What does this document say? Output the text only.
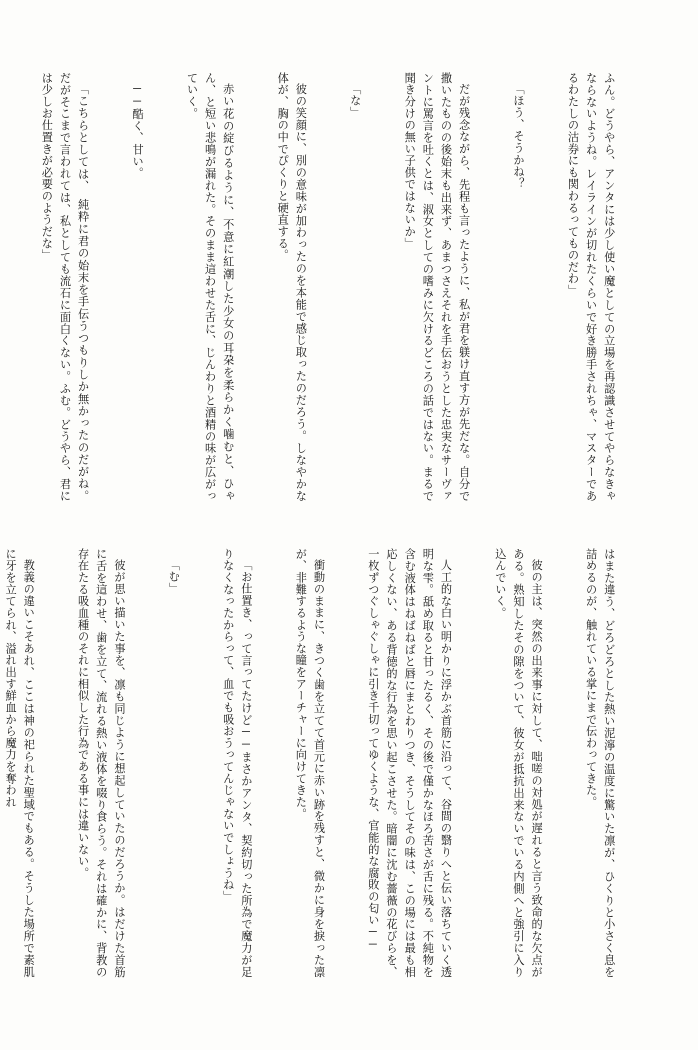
ふん。どうやら、アンタには少し使い魔としての立場を再認識させてやらなきゃならないようね。レイラインが切れたくらいで好き勝手されちゃ、マスターであるわたしの沽券にも関わるってものだわ」

「ほう、そうかね？

だが残念ながら、先程も言ったように、私が君を躾け直す方が先だな。自分で撒いたものの後始末も出来ず、あまつさえそれを手伝おうとした忠実なサーヴァントに罵言を吐くとは、淑女としての嗜みに欠けるどころの話ではない。まるで聞き分けの無い子供ではないか」

「な」

彼の笑顔に、別の意味が加わったのを本能で感じ取ったのだろう。しなやかな体が、胸の中でぴくりと硬直する。

赤い花の綻びるように、不意に紅潮した少女の耳朶を柔らかく噛むと、ひゃん、と短い悲鳴が漏れた。そのまま這わせた舌に、じんわりと酒精の味が広がっていく。

──酷く、甘い。

「こちらとしては、　純粋に君の始末を手伝うつもりしか無かったのだがね。だがそこまで言われては、私としても流石に面白くない。ふむ。どうやら、君には少しお仕置きが必要のようだな」

はまた違う、どろどろとした熱い泥濘の温度に驚いた凛が、ひくりと小さく息を詰めるのが、触れている掌にまで伝わってきた。

彼の主は、突然の出来事に対して、咄嗟の対処が遅れると言う致命的な欠点がある。熟知したその隙をついて、彼女が抵抗出来ないでいる内側へと強引に入り込んでいく。

人工的な白い明かりに浮かぶ首筋に沿って、谷間の翳りへと伝い落ちていく透明な雫。舐め取ると甘ったるく、その後で僅かなほろ苦さが舌に残る。不純物を含む液体はねばねばと唇にまとわりつき、そうしてその味は、この場には最も相応しくない、ある背徳的な行為を思い起こさせた。暗闇に沈む薔薇の花びらを、一枚ずつぐしゃぐしゃに引き千切ってゆくような、官能的な腐敗の匂い──

衝動のままに、きつく歯を立てて首元に赤い跡を残すと、微かに身を捩った凛が、非難するような瞳をアーチャーに向けてきた。

「お仕置き、って言ってたけど──まさかアンタ、契約切った所為で魔力が足りなくなったからって、血でも吸おうってんじゃないでしょうね」

「む」

彼が思い描いた事を、凛も同じように想起していたのだろうか。はだけた首筋に舌を這わせ、歯を立て、流れる熱い液体を啜り食らう。それは確かに、背教の存在たる吸血種のそれに相似した行為である事には違いない。

教義の違いこそあれ、ここは神の祀られた聖域でもある。そうした場所で素肌に牙を立てられ、溢れ出す鮮血から魔力を奪われ
